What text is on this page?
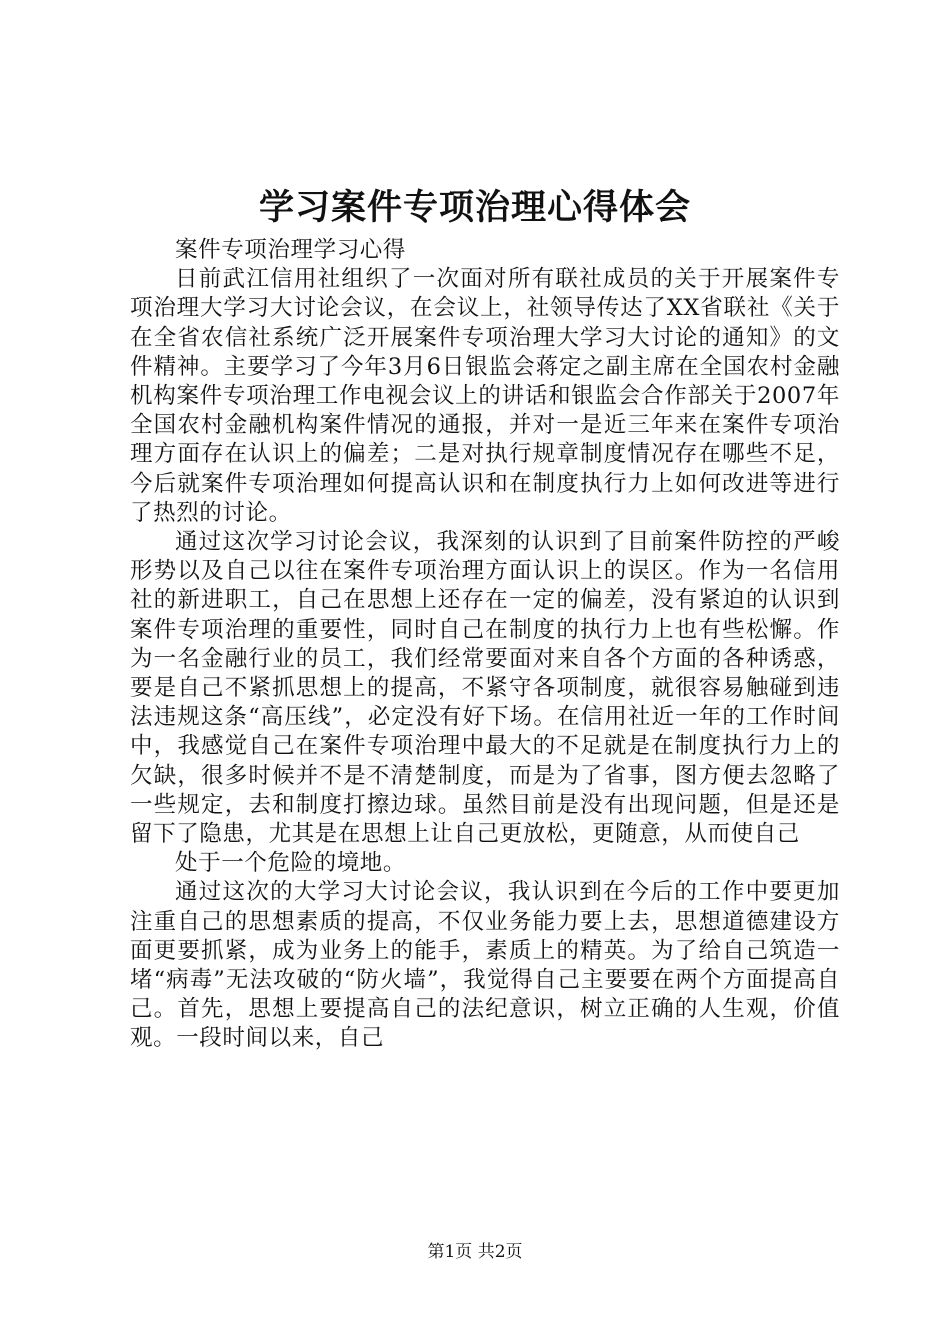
学习案件专项治理心得体会

案件专项治理学习心得

日前武江信用社组织了一次面对所有联社成员的关于开展案件专项治理大学习大讨论会议，在会议上，社领导传达了XX省联社《关于在全省农信社系统广泛开展案件专项治理大学习大讨论的通知》的文件精神。主要学习了今年3月6日银监会蒋定之副主席在全国农村金融机构案件专项治理工作电视会议上的讲话和银监会合作部关于2007年全国农村金融机构案件情况的通报，并对一是近三年来在案件专项治理方面存在认识上的偏差；二是对执行规章制度情况存在哪些不足，今后就案件专项治理如何提高认识和在制度执行力上如何改进等进行了热烈的讨论。

通过这次学习讨论会议，我深刻的认识到了目前案件防控的严峻形势以及自己以往在案件专项治理方面认识上的误区。作为一名信用社的新进职工，自己在思想上还存在一定的偏差，没有紧迫的认识到案件专项治理的重要性，同时自己在制度的执行力上也有些松懈。作为一名金融行业的员工，我们经常要面对来自各个方面的各种诱惑，要是自己不紧抓思想上的提高，不紧守各项制度，就很容易触碰到违法违规这条“高压线”，必定没有好下场。在信用社近一年的工作时间中，我感觉自己在案件专项治理中最大的不足就是在制度执行力上的欠缺，很多时候并不是不清楚制度，而是为了省事，图方便去忽略了一些规定，去和制度打擦边球。虽然目前是没有出现问题，但是还是留下了隐患，尤其是在思想上让自己更放松，更随意，从而使自己

处于一个危险的境地。

通过这次的大学习大讨论会议，我认识到在今后的工作中要更加注重自己的思想素质的提高，不仅业务能力要上去，思想道德建设方面更要抓紧，成为业务上的能手，素质上的精英。为了给自己筑造一堵“病毒”无法攻破的“防火墙”，我觉得自己主要要在两个方面提高自己。首先，思想上要提高自己的法纪意识，树立正确的人生观，价值观。一段时间以来，自己

第1页 共2页
